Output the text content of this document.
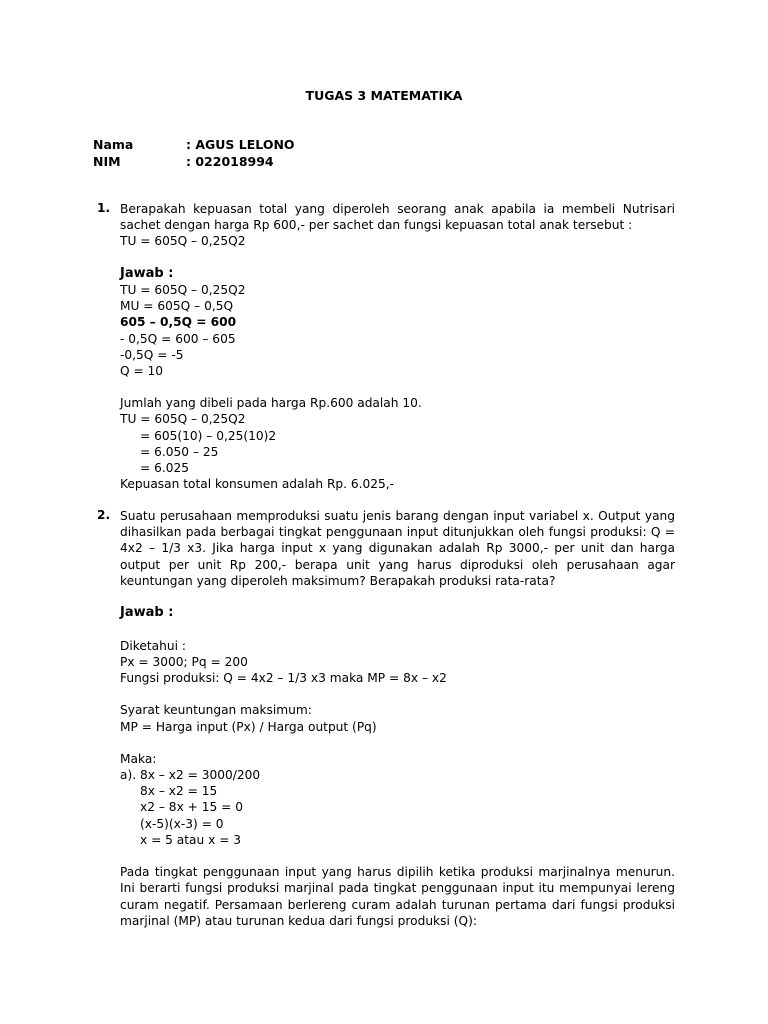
TUGAS 3 MATEMATIKA
Nama	: AGUS LELONO
NIM	: 022018994
1. Berapakah kepuasan total yang diperoleh seorang anak apabila ia membeli Nutrisari sachet dengan harga Rp 600,- per sachet dan fungsi kepuasan total anak tersebut :
TU = 605Q – 0,25Q2
Jawab :
TU = 605Q – 0,25Q2
MU = 605Q – 0,5Q
605 – 0,5Q = 600
- 0,5Q = 600 – 605
-0,5Q = -5
Q = 10
Jumlah yang dibeli pada harga Rp.600 adalah 10.
TU = 605Q – 0,25Q2
= 605(10) – 0,25(10)2
= 6.050 – 25
= 6.025
Kepuasan total konsumen adalah Rp. 6.025,-
2. Suatu perusahaan memproduksi suatu jenis barang dengan input variabel x. Output yang dihasilkan pada berbagai tingkat penggunaan input ditunjukkan oleh fungsi produksi: Q = 4x2 – 1/3 x3. Jika harga input x yang digunakan adalah Rp 3000,- per unit dan harga output per unit Rp 200,- berapa unit yang harus diproduksi oleh perusahaan agar keuntungan yang diperoleh maksimum? Berapakah produksi rata-rata?
Jawab :
Diketahui :
Px = 3000; Pq = 200
Fungsi produksi: Q = 4x2 – 1/3 x3 maka MP = 8x – x2
Syarat keuntungan maksimum:
MP = Harga input (Px) / Harga output (Pq)
Maka:
a). 8x – x2 = 3000/200
8x – x2 = 15
x2 – 8x + 15 = 0
(x-5)(x-3) = 0
x = 5 atau x = 3
Pada tingkat penggunaan input yang harus dipilih ketika produksi marjinalnya menurun. Ini berarti fungsi produksi marjinal pada tingkat penggunaan input itu mempunyai lereng curam negatif. Persamaan berlereng curam adalah turunan pertama dari fungsi produksi marjinal (MP) atau turunan kedua dari fungsi produksi (Q):
